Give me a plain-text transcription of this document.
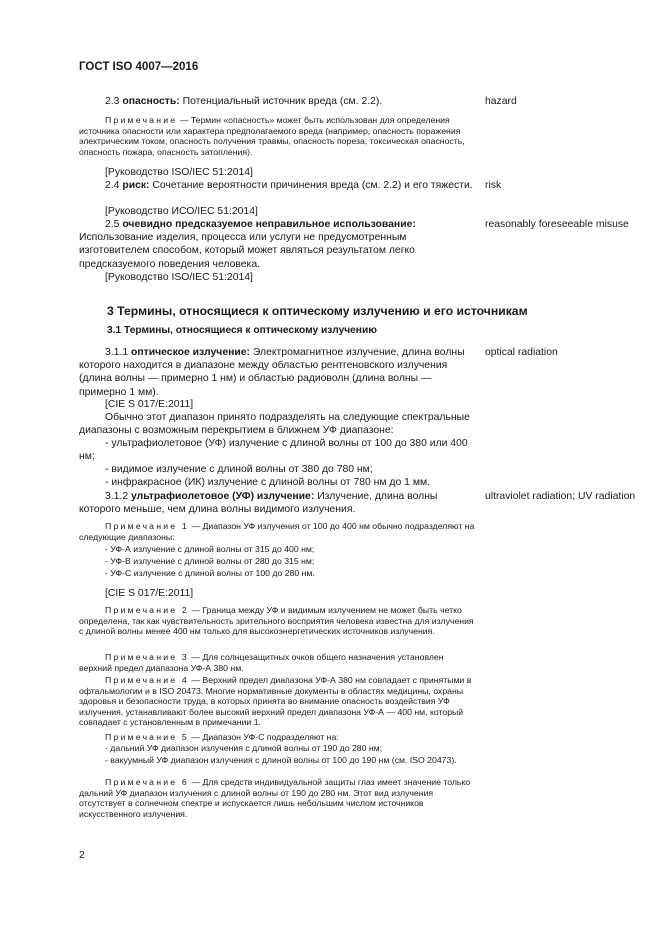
ГОСТ ISO 4007—2016
2.3 опасность: Потенциальный источник вреда (см. 2.2).	hazard
Примечание — Термин «опасность» может быть использован для определения источника опасности или характера предполагаемого вреда (например, опасность поражения электрическим током, опасность получения травмы, опасность пореза, токсическая опасность, опасность пожара, опасность затопления).
[Руководство ISO/IEC 51:2014]
2.4 риск: Сочетание вероятности причинения вреда (см. 2.2) и его тяжести. risk
[Руководство ИСО/IEC 51:2014]
2.5 очевидно предсказуемое неправильное использование: Использование изделия, процесса или услуги не предусмотренным изготовителем способом, который может являться результатом легко предсказуемого поведения человека.
reasonably foreseeable misuse
[Руководство ISO/IEC 51:2014]
3 Термины, относящиеся к оптическому излучению и его источникам
3.1 Термины, относящиеся к оптическому излучению
3.1.1 оптическое излучение: Электромагнитное излучение, длина волны которого находится в диапазоне между областью рентгеновского излучения (длина волны — примерно 1 нм) и областью радиоволн (длина волны — примерно 1 мм).
optical radiation
[CIE S 017/E:2011]
Обычно этот диапазон принято подразделять на следующие спектральные диапазоны с возможным перекрытием в ближнем УФ диапазоне:
- ультрафиолетовое (УФ) излучение с длиной волны от 100 до 380 или 400 нм;
- видимое излучение с длиной волны от 380 до 780 нм;
- инфракрасное (ИК) излучение с длиной волны от 780 нм до 1 мм.
3.1.2 ультрафиолетовое (УФ) излучение: Излучение, длина волны которого меньше, чем длина волны видимого излучения.
ultraviolet radiation; UV radiation
Примечание 1 — Диапазон УФ излучения от 100 до 400 нм обычно подразделяют на следующие диапазоны:
- УФ-А излучение с длиной волны от 315 до 400 нм;
- УФ-В излучение с длиной волны от 280 до 315 нм;
- УФ-С излучение с длиной волны от 100 до 280 нм.
[CIE S 017/E:2011]
Примечание 2 — Граница между УФ и видимым излучением не может быть четко определена, так как чувствительность зрительного восприятия человека известна для излучения с длиной волны менее 400 нм только для высокоэнергетических источников излучения.
Примечание 3 — Для солнцезащитных очков общего назначения установлен верхний предел диапазона УФ-А 380 нм.
Примечание 4 — Верхний предел диапазона УФ-А 380 нм совпадает с принятыми в офтальмологии и в ISO 20473. Многие нормативные документы в областях медицины, охраны здоровья и безопасности труда, в которых принята во внимание опасность воздействия УФ излучения, устанавливают более высокий верхний предел диапазона УФ-А — 400 нм, который совпадает с установленным в примечании 1.
Примечание 5 — Диапазон УФ-С подразделяют на:
- дальний УФ диапазон излучения с длиной волны от 190 до 280 нм;
- вакуумный УФ диапазон излучения с длиной волны от 100 до 190 нм (см. ISO 20473).
Примечание 6 — Для средств индивидуальной защиты глаз имеет значение только дальний УФ диапазон излучения с длиной волны от 190 до 280 нм. Этот вид излучения отсутствует в солнечном спектре и испускается лишь небольшим числом источников искусственного излучения.
2
